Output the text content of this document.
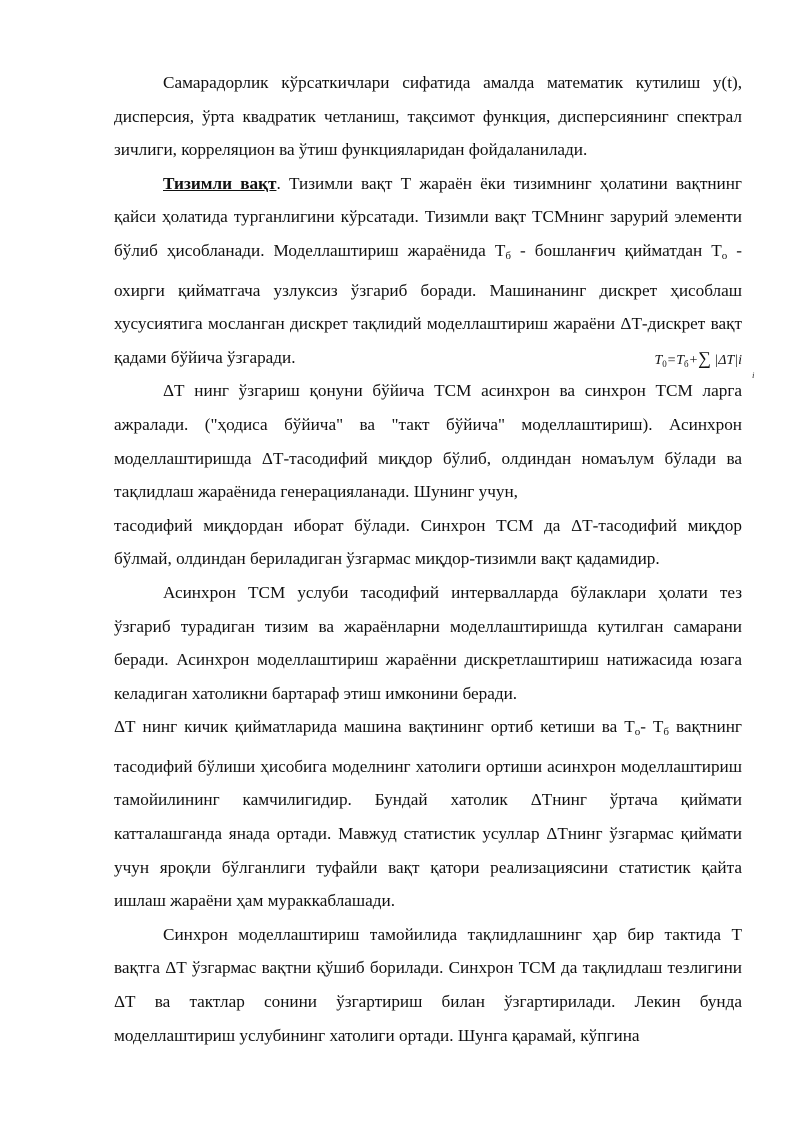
Самарадорлик кўрсаткичлари сифатида амалда математик кутилиш y(t), дисперсия, ўрта квадратик четланиш, тақсимот функция, дисперсиянинг спектрал зичлиги, корреляцион ва ўтиш функцияларидан фойдаланилади.

Тизимли вақт. Тизимли вақт Т жараён ёки тизимнинг ҳолатини вақтнинг қайси ҳолатида турганлигини кўрсатади. Тизимли вақт ТСМнинг зарурий элементи бўлиб ҳисобланади. Моделлаштириш жараёнида $Т_б$ - бошланғич қийматдан $Т_о$ - охирги қийматгача узлуксиз ўзгариб боради. Машинанинг дискрет ҳисоблаш хусусиятига мосланган дискрет тақлидий моделлаштириш жараёни ΔТ-дискрет вақт қадами бўйича ўзгаради.

ΔТ нинг ўзгариш қонуни бўйича ТСМ асинхрон ва синхрон ТСМ ларга ажралади. ("ҳодиса бўйича" ва "такт бўйича" моделлаштириш). Асинхрон моделлаштиришда ΔТ-тасодифий миқдор бўлиб, олдиндан номаълум бўлади ва тақлидлаш жараёнида генерацияланади. Шунинг учун,
$T_0=T_б+\sum$
i
|ΔT|i

тасодифий миқдордан иборат бўлади. Синхрон ТСМ да ΔТ-тасодифий миқдор бўлмай, олдиндан бериладиган ўзгармас миқдор-тизимли вақт қадамидир.

Асинхрон ТСМ услуби тасодифий интервалларда бўлаклари ҳолати тез ўзгариб турадиган тизим ва жараёнларни моделлаштиришда кутилган самарани беради. Асинхрон моделлаштириш жараённи дискретлаштириш натижасида юзага келадиган хатоликни бартараф этиш имконини беради.

ΔТ нинг кичик қийматларида машина вақтининг ортиб кетиши ва $Т_о-$ $Т_б$ вақтнинг тасодифий бўлиши ҳисобига моделнинг хатолиги ортиши асинхрон моделлаштириш тамойилининг камчилигидир. Бундай хатолик ΔТнинг ўртача қиймати катталашганда янада ортади. Мавжуд статистик усуллар ΔТнинг ўзгармас қиймати учун яроқли бўлганлиги туфайли вақт қатори реализациясини статистик қайта ишлаш жараёни ҳам мураккаблашади.

Синхрон моделлаштириш тамойилида тақлидлашнинг ҳар бир тактида Т вақтга ΔТ ўзгармас вақтни қўшиб борилади. Синхрон ТСМ да тақлидлаш тезлигини ΔТ ва тактлар сонини ўзгартириш билан ўзгартирилади. Лекин бунда моделлаштириш услубининг хатолиги ортади. Шунга қарамай, кўпгина
